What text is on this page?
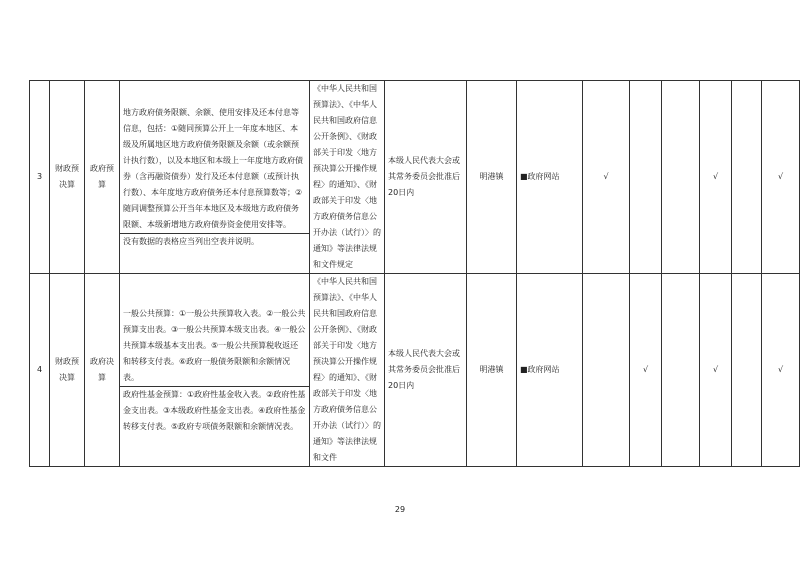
3	财政预决算	政府预算	地方政府债务限额、余额、使用安排及还本付息等信息，包括：①随同预算公开上一年度本地区、本级及所属地区地方政府债务限额及余额（或余额预计执行数），以及本地区和本级上一年度地方政府债券（含再融资债券）发行及还本付息额（或预计执行数）、本年度地方政府债务还本付息预算数等；②随同调整预算公开当年本地区及本级地方政府债务限额、本级新增地方政府债券资金使用安排等。
没有数据的表格应当列出空表并说明。	《中华人民共和国预算法》、《中华人民共和国政府信息公开条例》、《财政部关于印发〈地方预决算公开操作规程〉的通知》、《财政部关于印发〈地方政府债务信息公开办法（试行）〉的通知》等法律法规和文件规定	本级人民代表大会或其常务委员会批准后20日内	明港镇	■政府网站	√			√		√	
4	财政预决算	政府决算	一般公共预算：①一般公共预算收入表。②一般公共预算支出表。③一般公共预算本级支出表。④一般公共预算本级基本支出表。⑤一般公共预算税收返还和转移支付表。⑥政府一般债务限额和余额情况表。
政府性基金预算：①政府性基金收入表。②政府性基金支出表。③本级政府性基金支出表。④政府性基金转移支付表。⑤政府专项债务限额和余额情况表。	《中华人民共和国预算法》、《中华人民共和国政府信息公开条例》、《财政部关于印发〈地方预决算公开操作规程〉的通知》、《财政部关于印发〈地方政府债务信息公开办法（试行）〉的通知》等法律法规和文件	本级人民代表大会或其常务委员会批准后20日内	明港镇	■政府网站		√		√		√	
29
